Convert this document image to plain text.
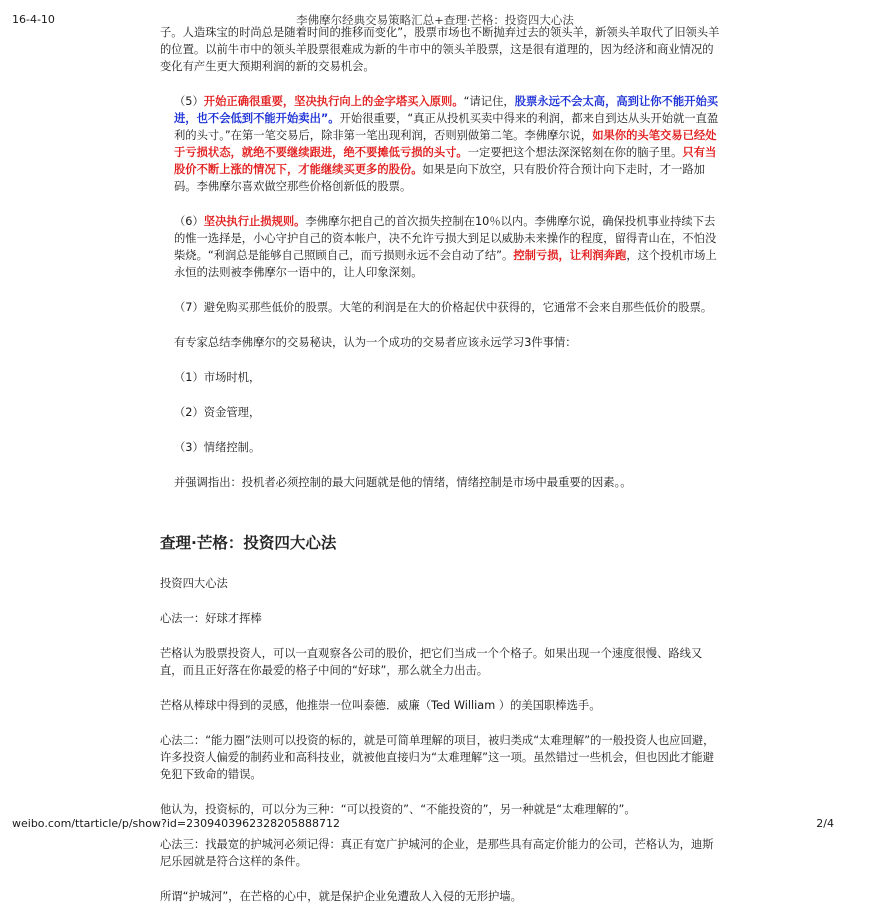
16-4-10	李佛摩尔经典交易策略汇总+查理·芒格：投资四大心法

子。人造珠宝的时尚总是随着时间的推移而变化”，股票市场也不断抛弃过去的领头羊，新领头羊取代了旧领头羊的位置。以前牛市中的领头羊股票很难成为新的牛市中的领头羊股票，这是很有道理的，因为经济和商业情况的变化有产生更大预期利润的新的交易机会。

（5）开始正确很重要，坚决执行向上的金字塔买入原则。“请记住，股票永远不会太高，高到让你不能开始买进，也不会低到不能开始卖出”。开始很重要，“真正从投机买卖中得来的利润，都来自到达从头开始就一直盈利的头寸。”在第一笔交易后，除非第一笔出现利润，否则别做第二笔。李佛摩尔说，如果你的头笔交易已经处于亏损状态，就绝不要继续跟进，绝不要摊低亏损的头寸。一定要把这个想法深深铭刻在你的脑子里。只有当股价不断上涨的情况下，才能继续买更多的股份。如果是向下放空，只有股价符合预计向下走时，才一路加码。李佛摩尔喜欢做空那些价格创新低的股票。

（6）坚决执行止损规则。李佛摩尔把自己的首次损失控制在10％以内。李佛摩尔说，确保投机事业持续下去的惟一选择是，小心守护自己的资本帐户，决不允许亏损大到足以威胁未来操作的程度，留得青山在，不怕没柴烧。“利润总是能够自己照顾自己，而亏损则永远不会自动了结”。控制亏损，让利润奔跑，这个投机市场上永恒的法则被李佛摩尔一语中的，让人印象深刻。

（7）避免购买那些低价的股票。大笔的利润是在大的价格起伏中获得的，它通常不会来自那些低价的股票。

有专家总结李佛摩尔的交易秘诀，认为一个成功的交易者应该永远学习3件事情：

（1）市场时机，

（2）资金管理，

（3）情绪控制。

并强调指出：投机者必须控制的最大问题就是他的情绪，情绪控制是市场中最重要的因素。。

查理·芒格：投资四大心法

投资四大心法

心法一：好球才挥棒

芒格认为股票投资人，可以一直观察各公司的股价，把它们当成一个个格子。如果出现一个速度很慢、路线又直，而且正好落在你最爱的格子中间的“好球”，那么就全力出击。

芒格从棒球中得到的灵感，他推崇一位叫泰德．威廉（Ted William ）的美国职棒选手。

心法二：“能力圈”法则可以投资的标的，就是可简单理解的项目，被归类成“太难理解”的一般投资人也应回避，许多投资人偏爱的制药业和高科技业，就被他直接归为“太难理解”这一项。虽然错过一些机会，但也因此才能避免犯下致命的错误。

他认为，投资标的，可以分为三种：“可以投资的”、“不能投资的”，另一种就是“太难理解的”。

心法三：找最宽的护城河必须记得：真正有宽广护城河的企业，是那些具有高定价能力的公司，芒格认为，迪斯尼乐园就是符合这样的条件。

所谓“护城河”，在芒格的心中，就是保护企业免遭敌人入侵的无形护墙。

weibo.com/ttarticle/p/show?id=2309403962328205888712	2/4
